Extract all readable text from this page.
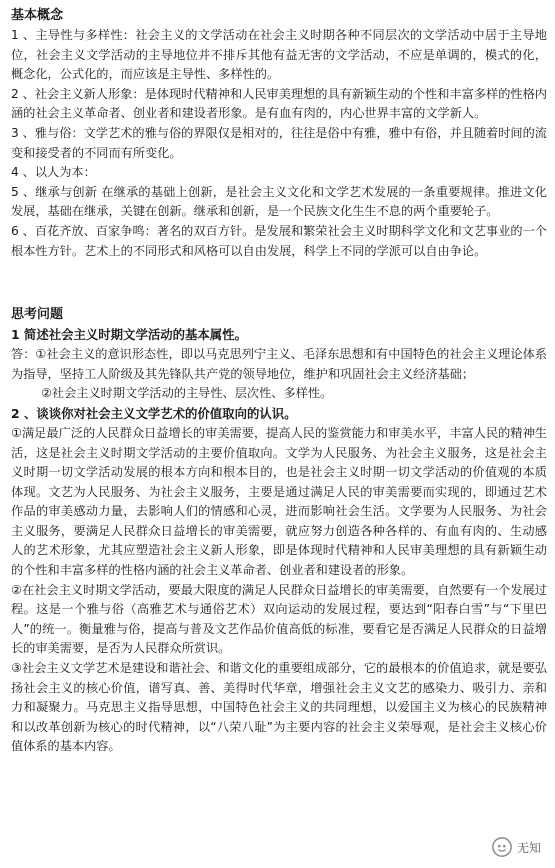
基本概念

1 、主导性与多样性：社会主义的文学活动在社会主义时期各种不同层次的文学活动中居于主导地位，社会主义文学活动的主导地位并不排斥其他有益无害的文学活动，不应是单调的，模式的化，概念化，公式化的，而应该是主导性、多样性的。

2 、社会主义新人形象：是体现时代精神和人民审美理想的具有新颖生动的个性和丰富多样的性格内涵的社会主义革命者、创业者和建设者形象。是有血有肉的，内心世界丰富的文学新人。

3 、雅与俗：文学艺术的雅与俗的界限仅是相对的，往往是俗中有雅，雅中有俗，并且随着时间的流变和接受者的不同而有所变化。

4 、以人为本：

5 、继承与创新 在继承的基础上创新，是社会主义文化和文学艺术发展的一条重要规律。推进文化发展，基础在继承，关键在创新。继承和创新，是一个民族文化生生不息的两个重要轮子。

6 、百花齐放、百家争鸣：著名的双百方针。是发展和繁荣社会主义时期科学文化和文艺事业的一个根本性方针。艺术上的不同形式和风格可以自由发展，科学上不同的学派可以自由争论。

思考问题
1 简述社会主义时期文学活动的基本属性。

答：①社会主义的意识形态性，即以马克思列宁主义、毛泽东思想和有中国特色的社会主义理论体系为指导，坚持工人阶级及其先锋队共产党的领导地位，维护和巩固社会主义经济基础；

②社会主义时期文学活动的主导性、层次性、多样性。

2 、谈谈你对社会主义文学艺术的价值取向的认识。

①满足最广泛的人民群众日益增长的审美需要，提高人民的鉴赏能力和审美水平，丰富人民的精神生活，这是社会主义时期文学活动的主要价值取向。文学为人民服务、为社会主义服务，这是社会主义时期一切文学活动发展的根本方向和根本目的，也是社会主义时期一切文学活动的价值观的本质体现。文艺为人民服务、为社会主义服务，主要是通过满足人民的审美需要而实现的，即通过艺术作品的审美感动力量，去影响人们的情感和心灵，进而影响社会生活。文学要为人民服务、为社会主义服务，要满足人民群众日益增长的审美需要，就应努力创造各种各样的、有血有肉的、生动感人的艺术形象，尤其应塑造社会主义新人形象，即是体现时代精神和人民审美理想的具有新颖生动的个性和丰富多样的性格内涵的社会主义革命者、创业者和建设者的形象。

②在社会主义时期文学活动，要最大限度的满足人民群众日益增长的审美需要，自然要有一个发展过程。这是一个雅与俗（高雅艺术与通俗艺术）双向运动的发展过程，要达到“阳春白雪”与“下里巴人”的统一。衡量雅与俗，提高与普及文艺作品价值高低的标准，要看它是否满足人民群众的日益增长的审美需要，是否为人民群众所赏识。

③社会主义文学艺术是建设和谐社会、和谐文化的重要组成部分，它的最根本的价值追求，就是要弘扬社会主义的核心价值，谱写真、善、美得时代华章，增强社会主义文艺的感染力、吸引力、亲和力和凝聚力。马克思主义指导思想，中国特色社会主义的共同理想，以爱国主义为核心的民族精神和以改革创新为核心的时代精神，以“八荣八耻”为主要内容的社会主义荣辱观，是社会主义核心价值体系的基本内容。

无知
